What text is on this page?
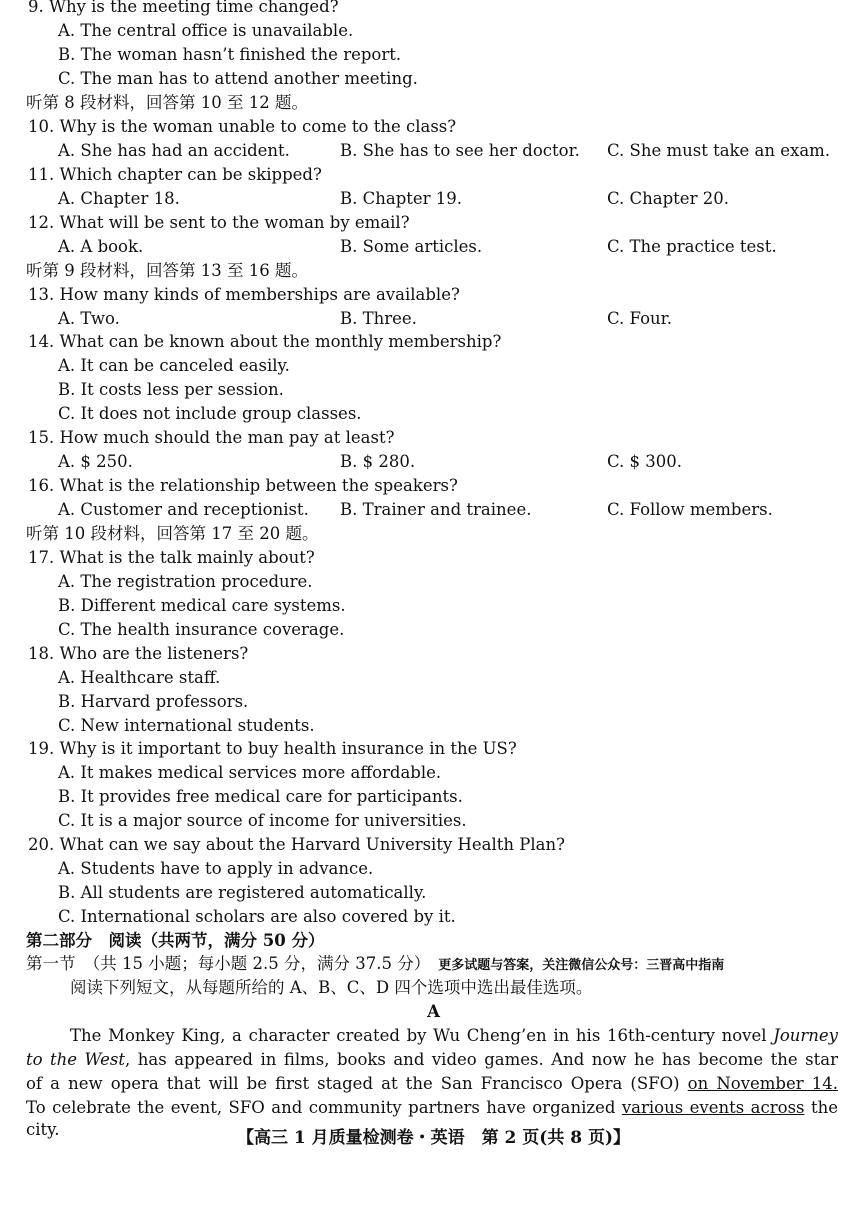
9. Why is the meeting time changed?
A. The central office is unavailable.
B. The woman hasn’t finished the report.
C. The man has to attend another meeting.
听第 8 段材料，回答第 10 至 12 题。
10. Why is the woman unable to come to the class?
A. She has had an accident.	B. She has to see her doctor. C. She must take an exam.
11. Which chapter can be skipped?
A. Chapter 18.	B. Chapter 19.	C. Chapter 20.
12. What will be sent to the woman by email?
A. A book.	B. Some articles.	C. The practice test.
听第 9 段材料，回答第 13 至 16 题。
13. How many kinds of memberships are available?
A. Two.	B. Three.	C. Four.
14. What can be known about the monthly membership?
A. It can be canceled easily.
B. It costs less per session.
C. It does not include group classes.
15. How much should the man pay at least?
A. $ 250.	B. $ 280.	C. $ 300.
16. What is the relationship between the speakers?
A. Customer and receptionist. B. Trainer and trainee.	C. Follow members.
听第 10 段材料，回答第 17 至 20 题。
17. What is the talk mainly about?
A. The registration procedure.
B. Different medical care systems.
C. The health insurance coverage.
18. Who are the listeners?
A. Healthcare staff.
B. Harvard professors.
C. New international students.
19. Why is it important to buy health insurance in the US?
A. It makes medical services more affordable.
B. It provides free medical care for participants.
C. It is a major source of income for universities.
20. What can we say about the Harvard University Health Plan?
A. Students have to apply in advance.
B. All students are registered automatically.
C. International scholars are also covered by it.
第二部分　阅读（共两节，满分 50 分）
第一节　（共 15 小题；每小题 2.5 分，满分 37.5 分） 更多试题与答案，关注微信公众号：三晋高中指南
阅读下列短文，从每题所给的 A、B、C、D 四个选项中选出最佳选项。
A
The Monkey King, a character created by Wu Cheng’en in his 16th-century novel Journey
to the West, has appeared in films, books and video games. And now he has become the star
of a new opera that will be first staged at the San Francisco Opera (SFO) on November 14.
To celebrate the event, SFO and community partners have organized various events across the city.	【高三 1 月质量检测卷・英语　第 2 页(共 8 页)】
